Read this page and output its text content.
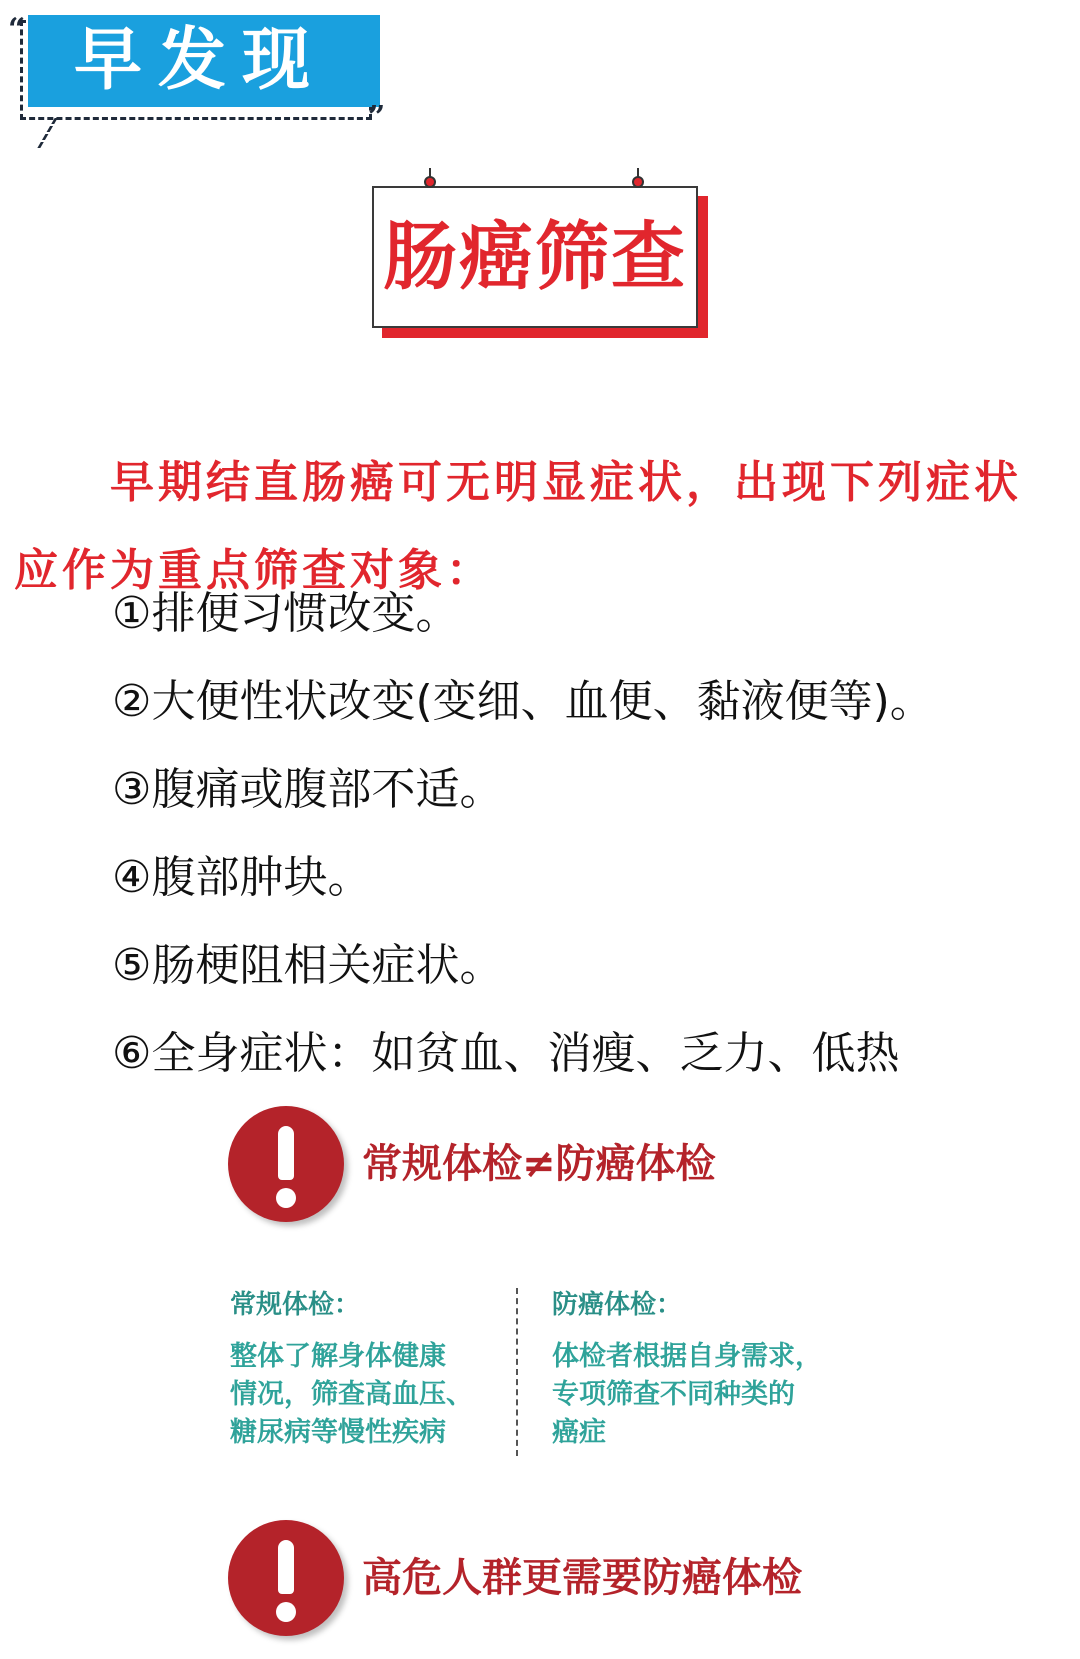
“ 早发现
”
肠癌筛查

早期结直肠癌可无明显症状，出现下列症状应作为重点筛查对象：

①排便习惯改变。
②大便性状改变(变细、血便、黏液便等)。
③腹痛或腹部不适。
④腹部肿块。
⑤肠梗阻相关症状。
⑥全身症状：如贫血、消瘦、乏力、低热
常规体检≠防癌体检
常规体检：
整体了解身体健康
情况，筛查高血压、
糖尿病等慢性疾病
防癌体检：
体检者根据自身需求，
专项筛查不同种类的
癌症
高危人群更需要防癌体检
